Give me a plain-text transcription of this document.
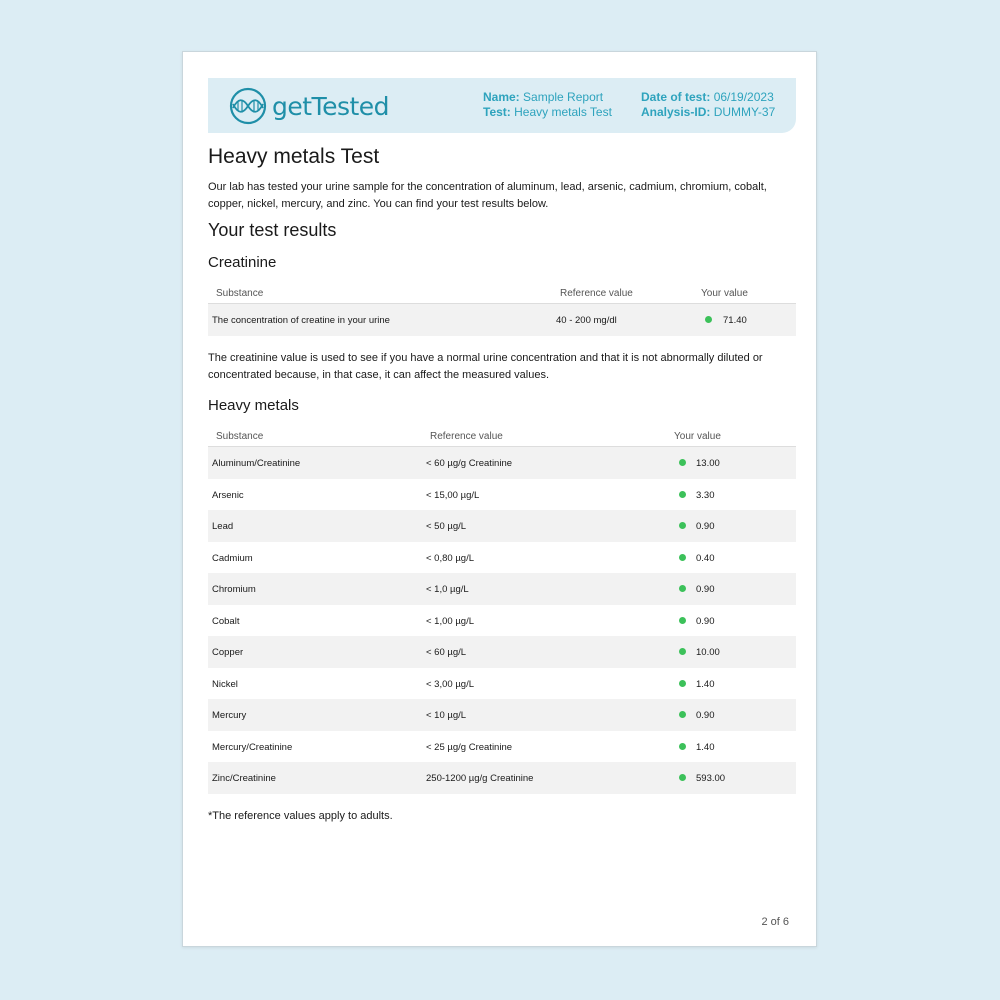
getTested	Name: Sample Report
Test: Heavy metals Test
Date of test: 06/19/2023
Analysis-ID: DUMMY-37
Heavy metals Test

Our lab has tested your urine sample for the concentration of aluminum, lead, arsenic, cadmium, chromium, cobalt, copper, nickel, mercury, and zinc. You can find your test results below.

Your test results
Creatinine
Substance	Reference value	Your value
The concentration of creatine in your urine	40 - 200 mg/dl	71.40

The creatinine value is used to see if you have a normal urine concentration and that it is not abnormally diluted or concentrated because, in that case, it can affect the measured values.

Heavy metals
Substance	Reference value	Your value
Aluminum/Creatinine	< 60 µg/g Creatinine	13.00
Arsenic	< 15,00 µg/L	3.30
Lead	< 50 µg/L	0.90
Cadmium	< 0,80 µg/L	0.40
Chromium	< 1,0 µg/L	0.90
Cobalt	< 1,00 µg/L	0.90
Copper	< 60 µg/L	10.00
Nickel	< 3,00 µg/L	1.40
Mercury	< 10 µg/L	0.90
Mercury/Creatinine	< 25 µg/g Creatinine	1.40
Zinc/Creatinine	250-1200 µg/g Creatinine	593.00

*The reference values apply to adults.

2 of 6
